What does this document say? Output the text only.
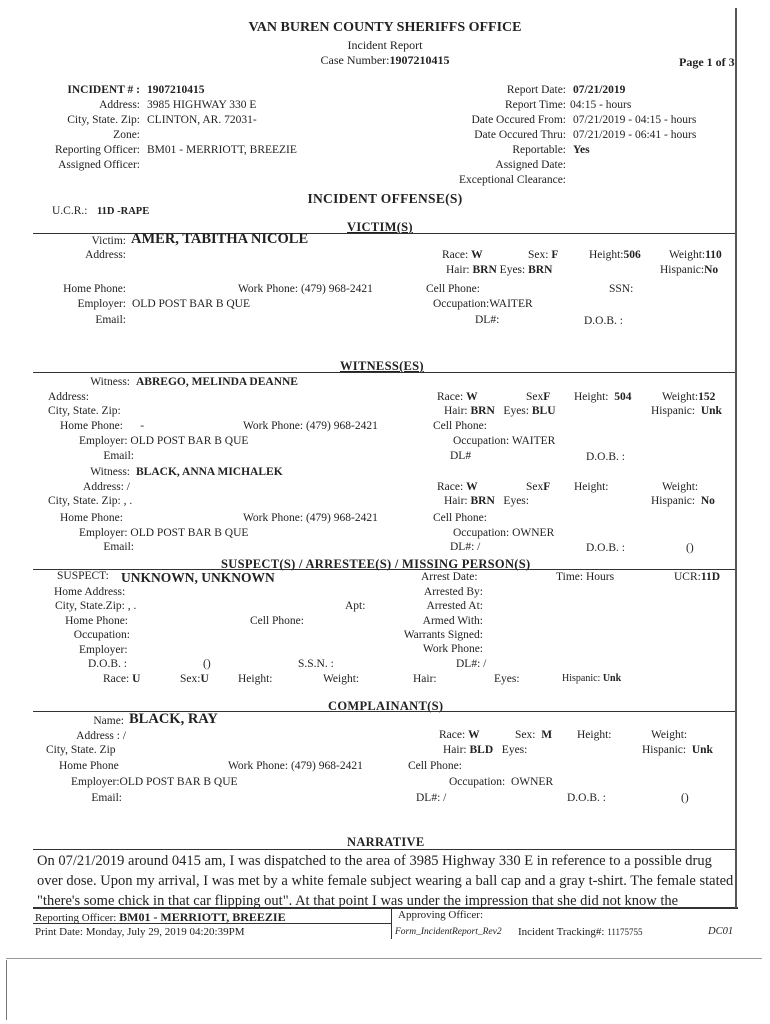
VAN BUREN COUNTY SHERIFFS OFFICE
Incident Report
Case Number:1907210415	Page 1 of 3
INCIDENT # : 1907210415
Address: 3985 HIGHWAY 330 E
City, State. Zip: CLINTON, AR. 72031-
Zone:
Reporting Officer: BM01 - MERRIOTT, BREEZIE
Assigned Officer:
Report Date: 07/21/2019
Report Time: 04:15 - hours
Date Occured From: 07/21/2019 - 04:15 - hours
Date Occured Thru: 07/21/2019 - 06:41 - hours
Reportable: Yes
Assigned Date:
Exceptional Clearance:
INCIDENT OFFENSE(S)
U.C.R.: 11D -RAPE
VICTIM(S)
Victim: AMER, TABITHA NICOLE
Address:	Race: W	Sex: F	Height:506 Weight:110
Hair: BRN Eyes: BRN	Hispanic:No
Home Phone:	Work Phone: (479) 968-2421	Cell Phone:	SSN:
Employer: OLD POST BAR B QUE	Occupation:WAITER
Email:	DL#:	D.O.B. :
WITNESS(ES)
Witness: ABREGO, MELINDA DEANNE
Address:
City, State. Zip:
Race: W	SexF Height: 504	Weight:152
Hair: BRN Eyes: BLU	Hispanic: Unk
Home Phone: -	Work Phone: (479) 968-2421	Cell Phone:
Employer: OLD POST BAR B QUE	Occupation: WAITER
Email:	DL#	D.O.B. :
Witness: BLACK, ANNA MICHALEK
Address: /
City, State. Zip: , .
Race: W	SexF Height:	Weight:
Hair: BRN Eyes:	Hispanic: No
Home Phone:	Work Phone: (479) 968-2421	Cell Phone:
Employer: OLD POST BAR B QUE	Occupation: OWNER
Email:	DL#: /	D.O.B. :	()
SUSPECT(S) / ARRESTEE(S) / MISSING PERSON(S)
SUSPECT: UNKNOWN, UNKNOWN	Arrest Date:	Time: Hours	UCR:11D
Home Address:	Arrested By:
City, State.Zip: , .	Apt:	Arrested At:
Home Phone:	Cell Phone:	Armed With:
Occupation:	Warrants Signed:
Employer:	Work Phone:
D.O.B. :	()	S.S.N. :	DL#: /
Race: U	Sex:U	Height:	Weight:	Hair:	Eyes:	Hispanic: Unk
COMPLAINANT(S)
Name: BLACK, RAY
Address : /
City, State. Zip
Race: W	Sex: M Height:	Weight:
Hair: BLD Eyes:	Hispanic: Unk
Home Phone	Work Phone: (479) 968-2421	Cell Phone:
Employer:OLD POST BAR B QUE	Occupation: OWNER
Email:	DL#: /	D.O.B. :	()
NARRATIVE
On 07/21/2019 around 0415 am, I was dispatched to the area of 3985 Highway 330 E in reference to a possible drug over dose. Upon my arrival, I was met by a white female subject wearing a ball cap and a gray t-shirt. The female stated "there's some chick in that car flipping out". At that point I was under the impression that she did not know the
Reporting Officer: BM01 - MERRIOTT, BREEZIE	Approving Officer:
Print Date: Monday, July 29, 2019 04:20:39PM	Form_IncidentReport_Rev2 Incident Tracking#: 11175755	DC01
